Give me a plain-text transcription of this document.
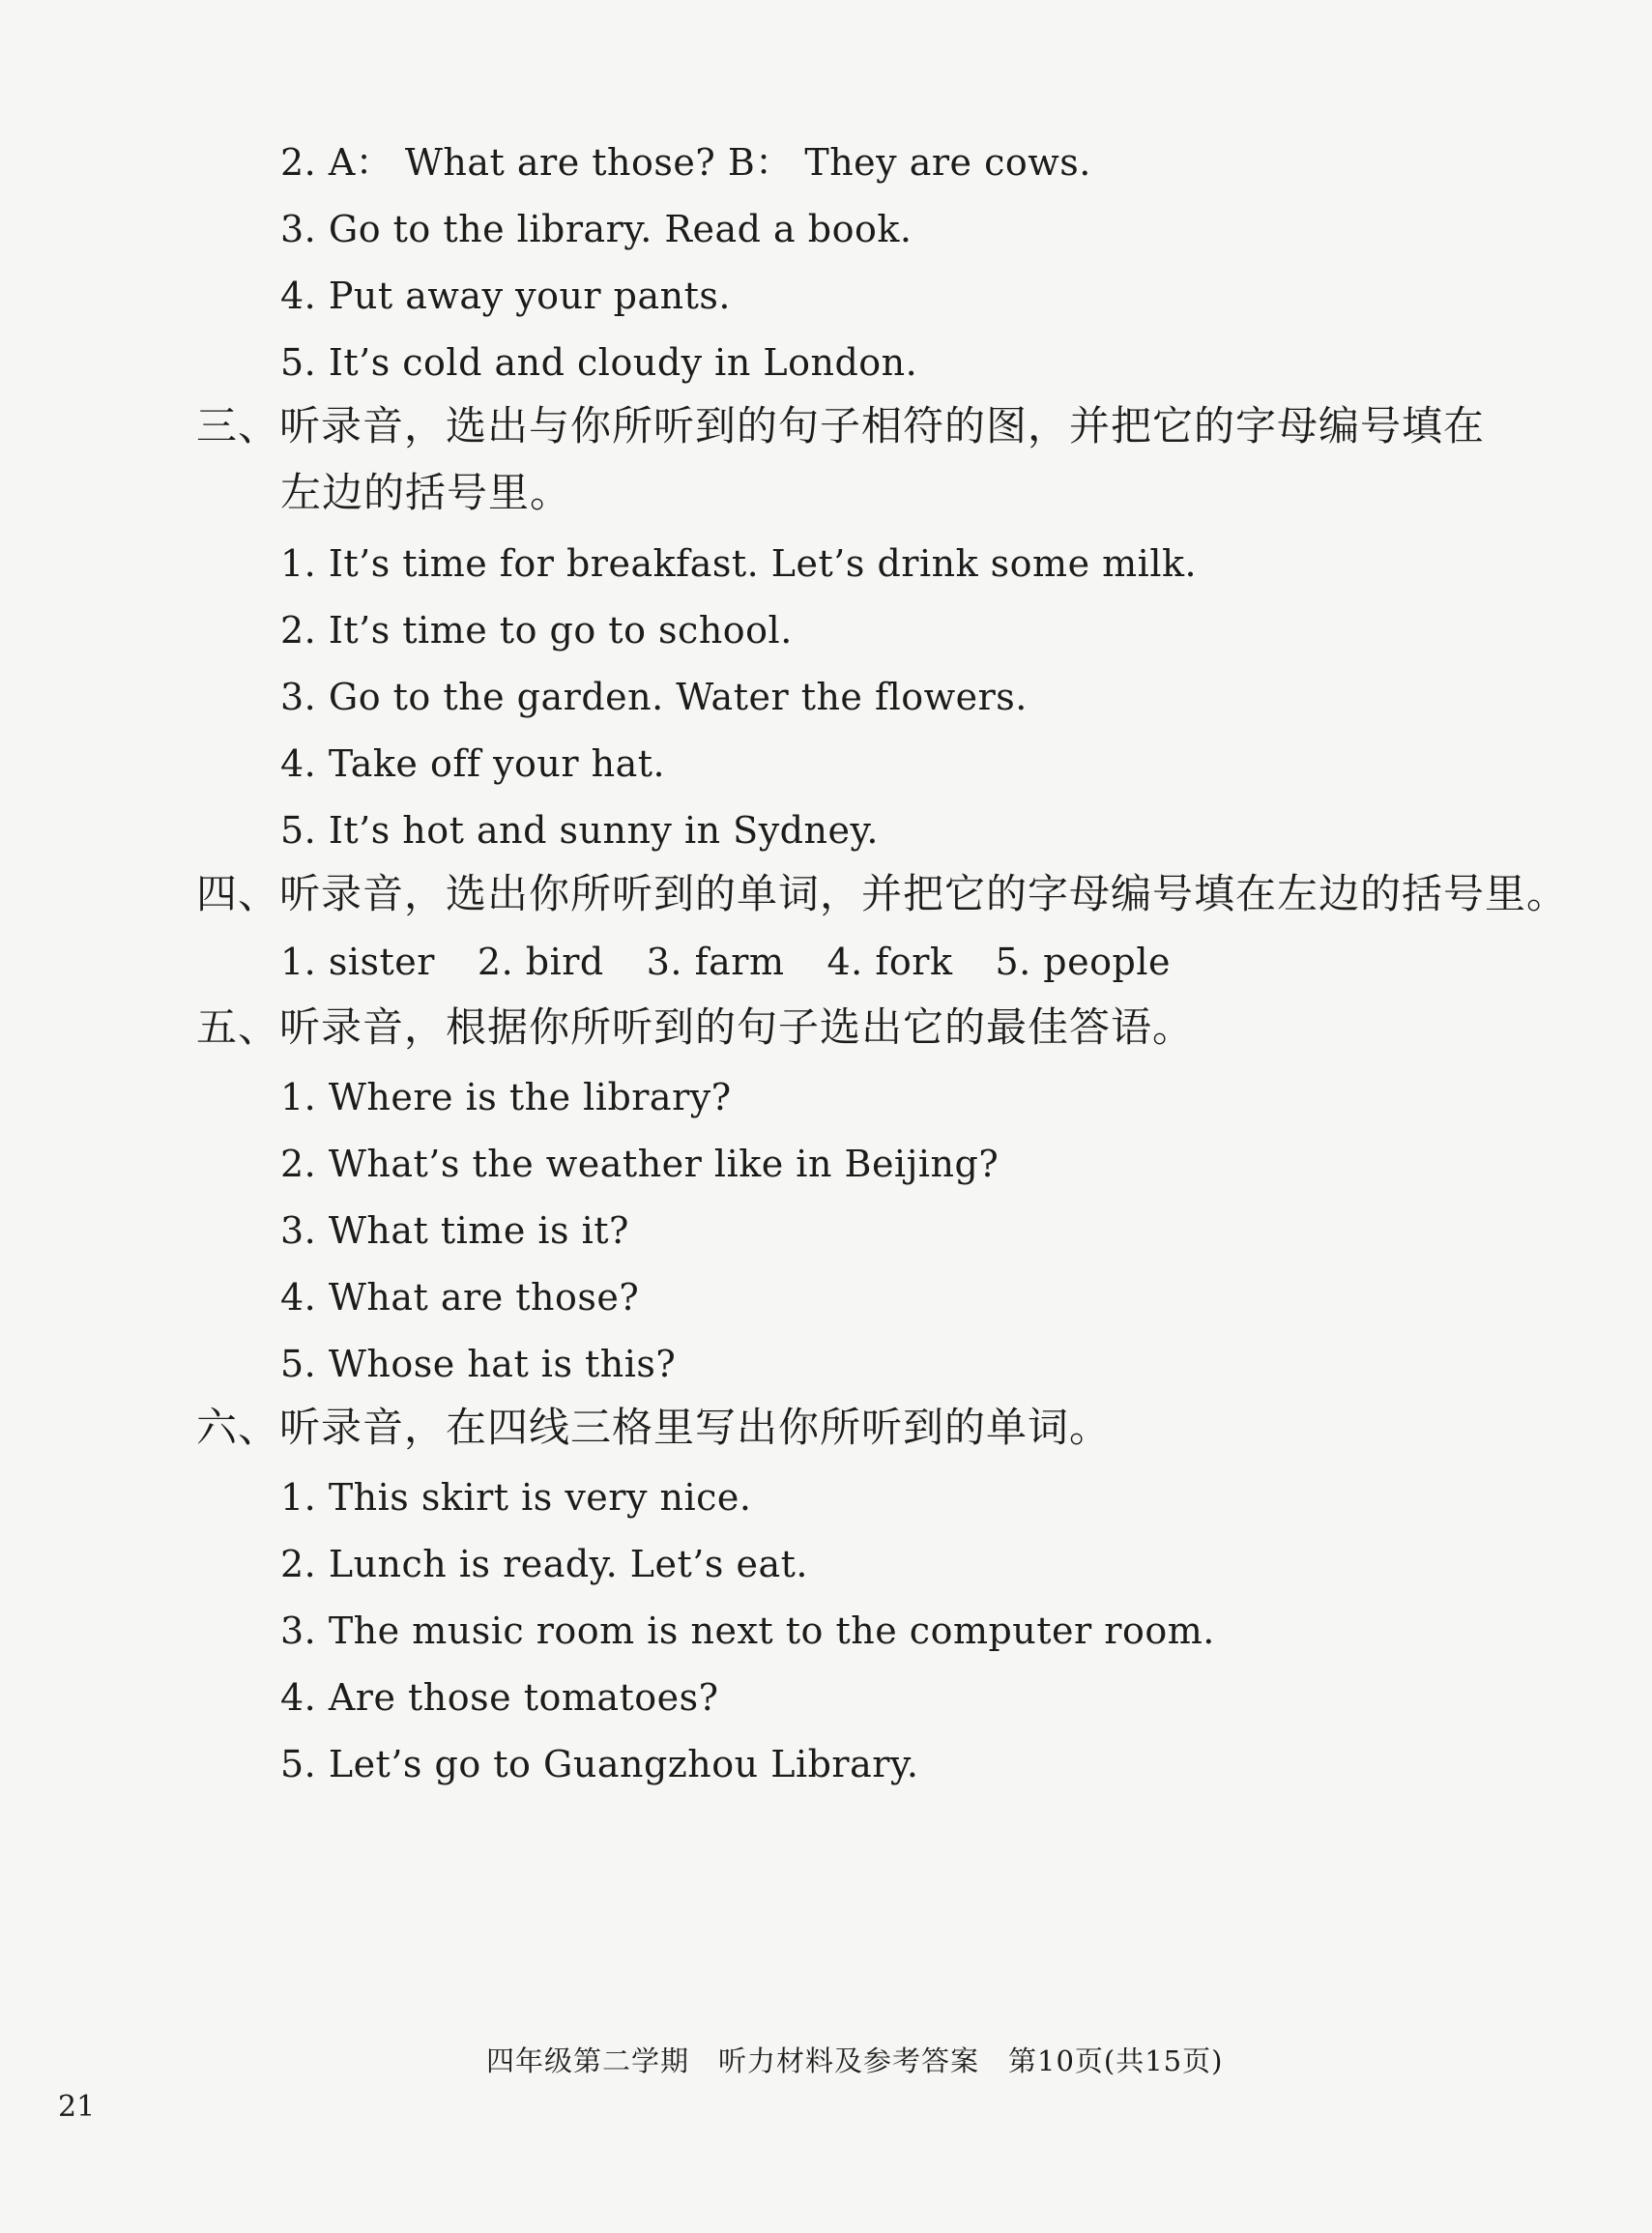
2. A： What are those? B： They are cows.
3. Go to the library. Read a book.
4. Put away your pants.
5. It’s cold and cloudy in London.
三、听录音，选出与你所听到的句子相符的图，并把它的字母编号填在
左边的括号里。
1. It’s time for breakfast. Let’s drink some milk.
2. It’s time to go to school.
3. Go to the garden. Water the flowers.
4. Take off your hat.
5. It’s hot and sunny in Sydney.
四、听录音，选出你所听到的单词，并把它的字母编号填在左边的括号里。
1. sister 2. bird 3. farm 4. fork 5. people
五、听录音，根据你所听到的句子选出它的最佳答语。
1. Where is the library?
2. What’s the weather like in Beijing?
3. What time is it?
4. What are those?
5. Whose hat is this?
六、听录音，在四线三格里写出你所听到的单词。
1. This skirt is very nice.
2. Lunch is ready. Let’s eat.
3. The music room is next to the computer room.
4. Are those tomatoes?
5. Let’s go to Guangzhou Library.
四年级第二学期　听力材料及参考答案　第10页(共15页)
21
